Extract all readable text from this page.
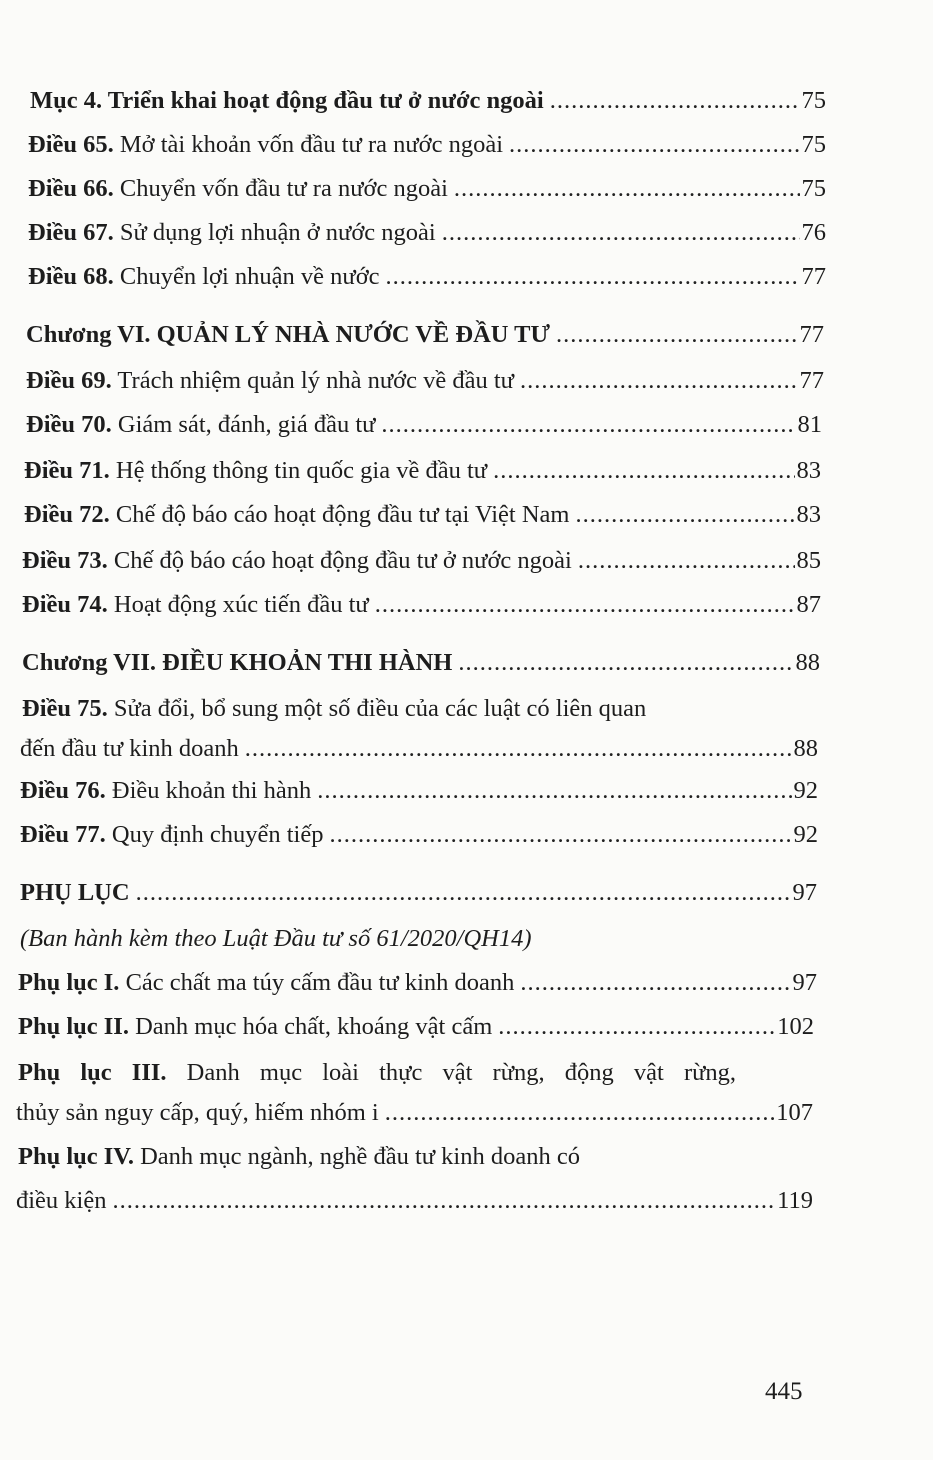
Mục 4. Triển khai hoạt động đầu tư ở nước ngoài .....	75
Điều 65. Mở tài khoản vốn đầu tư ra nước ngoài .....	75
Điều 66. Chuyển vốn đầu tư ra nước ngoài .....	75
Điều 67. Sử dụng lợi nhuận ở nước ngoài .....	76
Điều 68. Chuyển lợi nhuận về nước .....	77
Chương VI. QUẢN LÝ NHÀ NƯỚC VỀ ĐẦU TƯ .....	77
Điều 69. Trách nhiệm quản lý nhà nước về đầu tư .....	77
Điều 70. Giám sát, đánh, giá đầu tư .....	81
Điều 71. Hệ thống thông tin quốc gia về đầu tư .....	83
Điều 72. Chế độ báo cáo hoạt động đầu tư tại Việt Nam .....	83
Điều 73. Chế độ báo cáo hoạt động đầu tư ở nước ngoài .....	85
Điều 74. Hoạt động xúc tiến đầu tư .....	87
Chương VII. ĐIỀU KHOẢN THI HÀNH .....	88
Điều 75. Sửa đổi, bổ sung một số điều của các luật có liên quan
đến đầu tư kinh doanh .....	88
Điều 76. Điều khoản thi hành .....	92
Điều 77. Quy định chuyển tiếp .....	92
PHỤ LỤC .....	97
(Ban hành kèm theo Luật Đầu tư số 61/2020/QH14)
Phụ lục I. Các chất ma túy cấm đầu tư kinh doanh .....	97
Phụ lục II. Danh mục hóa chất, khoáng vật cấm .....	102
Phụ lục III. Danh mục loài thực vật rừng, động vật rừng,
thủy sản nguy cấp, quý, hiếm nhóm i .....	107
Phụ lục IV. Danh mục ngành, nghề đầu tư kinh doanh có
điều kiện .....	119
445
